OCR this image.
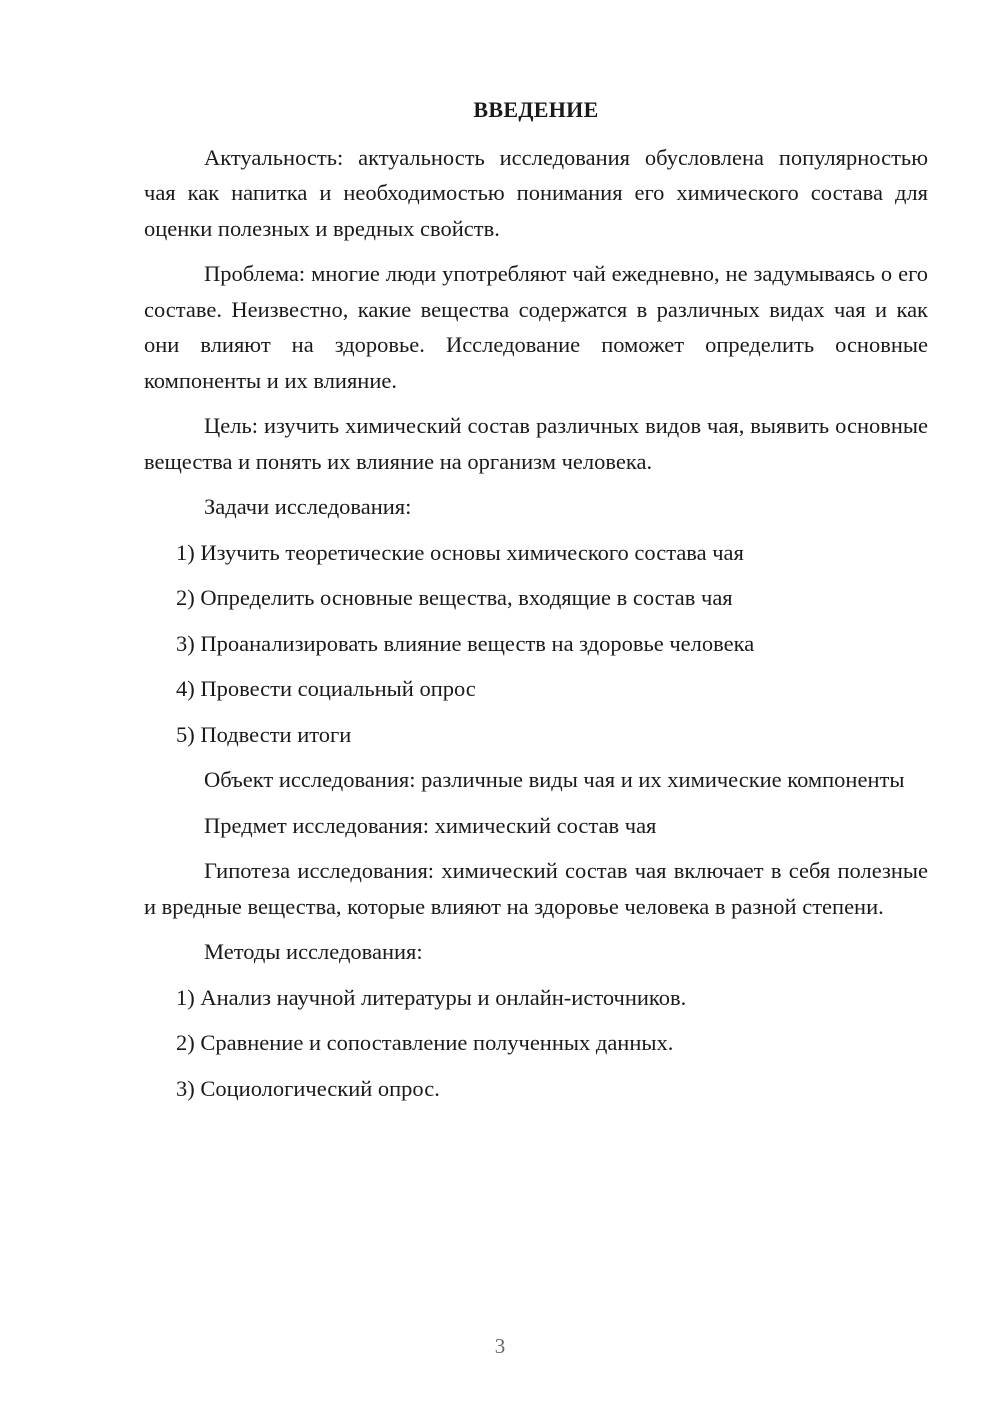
ВВЕДЕНИЕ

Актуальность: актуальность исследования обусловлена популярностью чая как напитка и необходимостью понимания его химического состава для оценки полезных и вредных свойств.

Проблема: многие люди употребляют чай ежедневно, не задумываясь о его составе. Неизвестно, какие вещества содержатся в различных видах чая и как они влияют на здоровье. Исследование поможет определить основные компоненты и их влияние.

Цель: изучить химический состав различных видов чая, выявить основные вещества и понять их влияние на организм человека.

Задачи исследования:

1) Изучить теоретические основы химического состава чая
2) Определить основные вещества, входящие в состав чая
3) Проанализировать влияние веществ на здоровье человека
4) Провести социальный опрос
5) Подвести итоги

Объект исследования: различные виды чая и их химические компоненты

Предмет исследования: химический состав чая

Гипотеза исследования: химический состав чая включает в себя полезные и вредные вещества, которые влияют на здоровье человека в разной степени.

Методы исследования:

1) Анализ научной литературы и онлайн-источников.
2) Сравнение и сопоставление полученных данных.
3) Социологический опрос.
3
